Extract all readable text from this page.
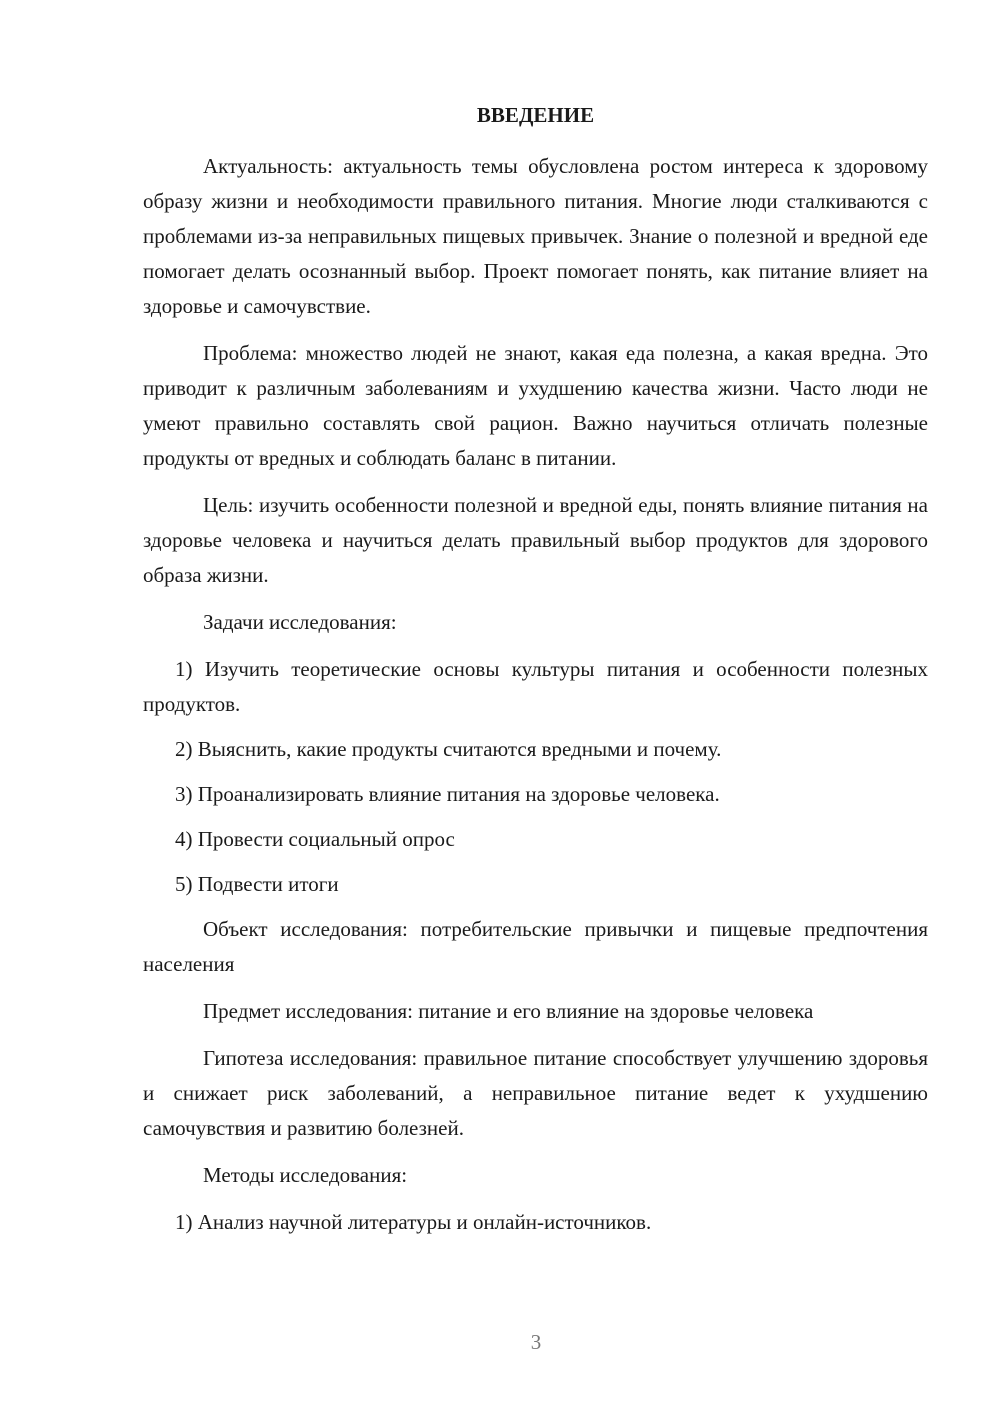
ВВЕДЕНИЕ

Актуальность: актуальность темы обусловлена ростом интереса к здоровому образу жизни и необходимости правильного питания. Многие люди сталкиваются с проблемами из-за неправильных пищевых привычек. Знание о полезной и вредной еде помогает делать осознанный выбор. Проект помогает понять, как питание влияет на здоровье и самочувствие.

Проблема: множество людей не знают, какая еда полезна, а какая вредна. Это приводит к различным заболеваниям и ухудшению качества жизни. Часто люди не умеют правильно составлять свой рацион. Важно научиться отличать полезные продукты от вредных и соблюдать баланс в питании.

Цель: изучить особенности полезной и вредной еды, понять влияние питания на здоровье человека и научиться делать правильный выбор продуктов для здорового образа жизни.

Задачи исследования:

1) Изучить теоретические основы культуры питания и особенности полезных продуктов.

2) Выяснить, какие продукты считаются вредными и почему.

3) Проанализировать влияние питания на здоровье человека.

4) Провести социальный опрос

5) Подвести итоги

Объект исследования: потребительские привычки и пищевые предпочтения населения

Предмет исследования: питание и его влияние на здоровье человека

Гипотеза исследования: правильное питание способствует улучшению здоровья и снижает риск заболеваний, а неправильное питание ведет к ухудшению самочувствия и развитию болезней.

Методы исследования:

1) Анализ научной литературы и онлайн-источников.

3
